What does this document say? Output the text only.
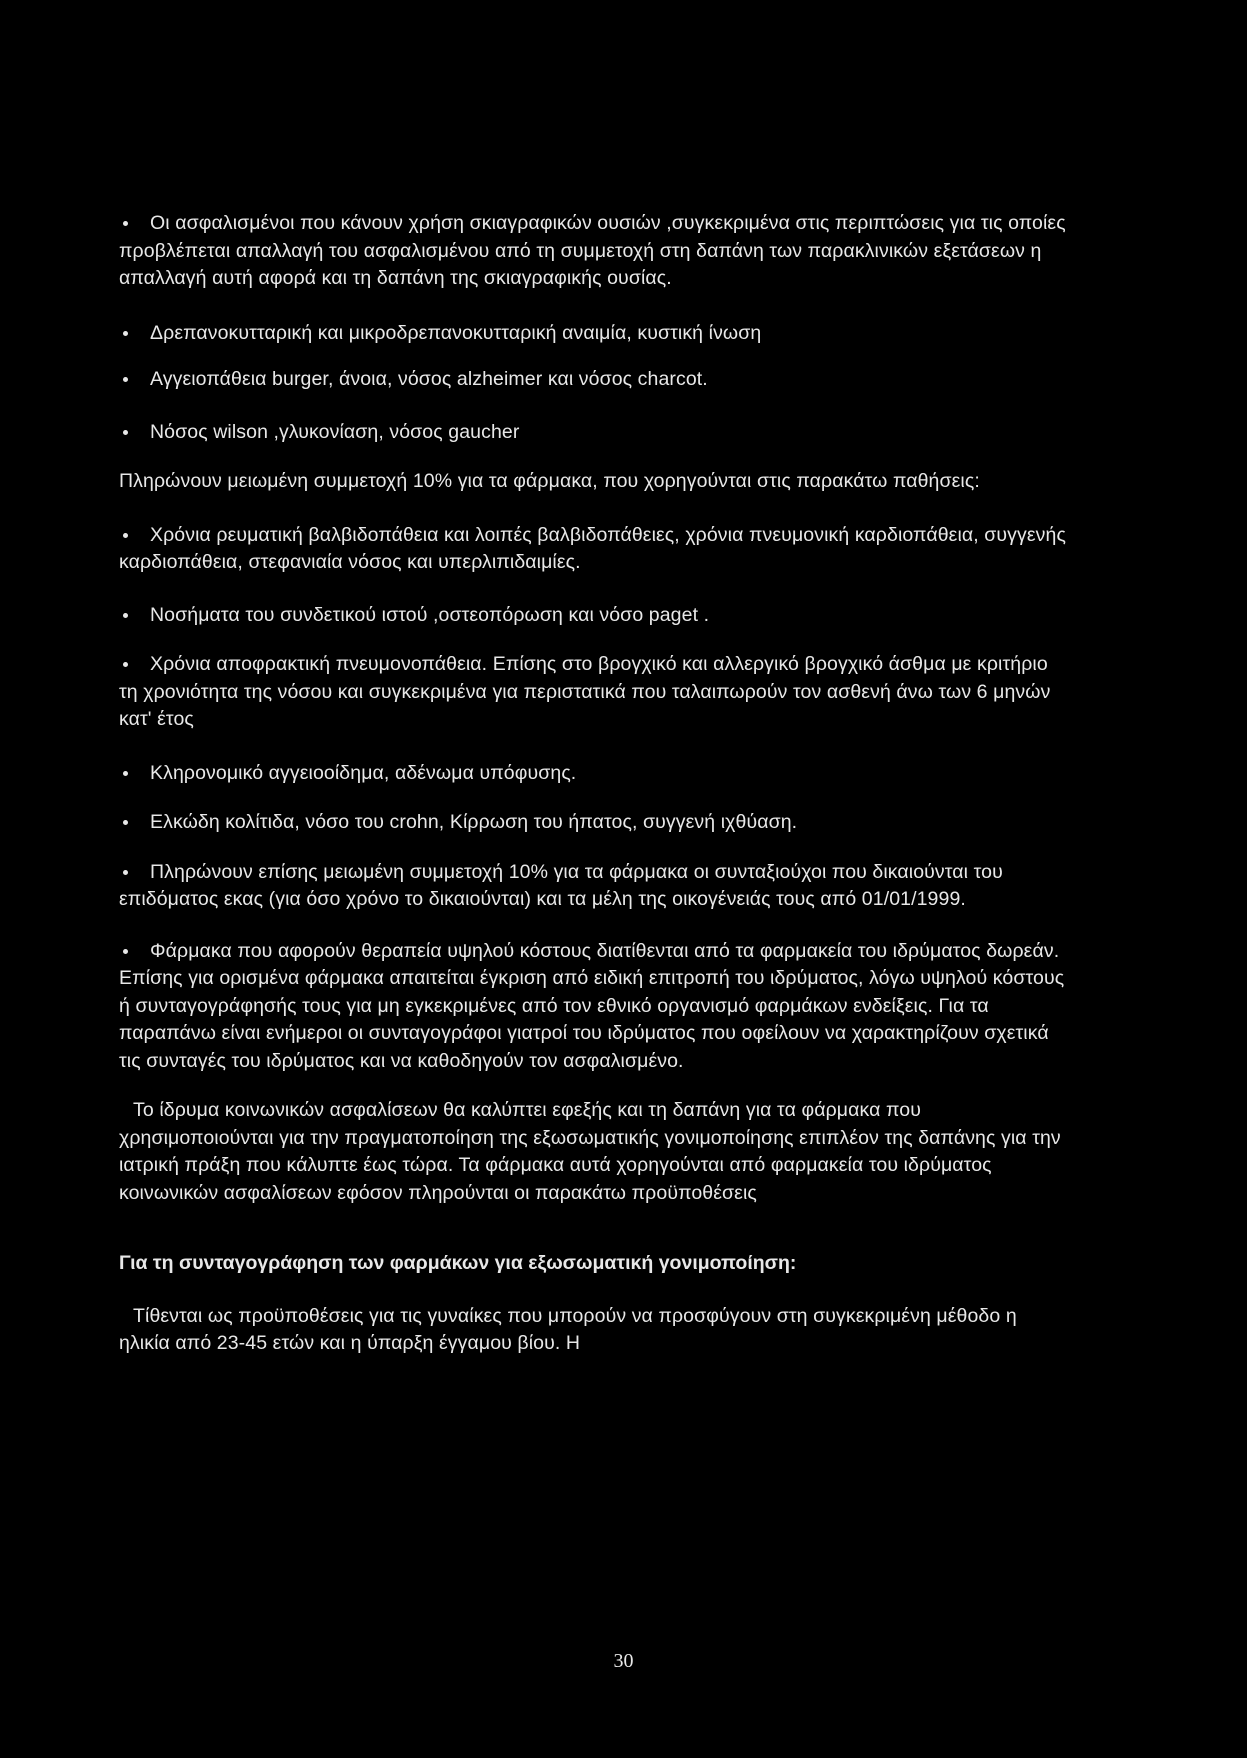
Οι ασφαλισμένοι που κάνουν χρήση σκιαγραφικών ουσιών ,συγκεκριμένα στις περιπτώσεις για τις οποίες προβλέπεται απαλλαγή του ασφαλισμένου από τη συμμετοχή στη δαπάνη των παρακλινικών εξετάσεων η απαλλαγή αυτή αφορά και τη δαπάνη της σκιαγραφικής ουσίας.

Δρεπανοκυτταρική και μικροδρεπανοκυτταρική αναιμία, κυστική ίνωση

Αγγειοπάθεια burger, άνοια, νόσος alzheimer και νόσος charcot.

Νόσος wilson ,γλυκονίαση, νόσος gaucher

Πληρώνουν μειωμένη συμμετοχή 10% για τα φάρμακα, που χορηγούνται στις παρακάτω παθήσεις:

Χρόνια ρευματική βαλβιδοπάθεια και λοιπές βαλβιδοπάθειες, χρόνια πνευμονική καρδιοπάθεια, συγγενής καρδιοπάθεια, στεφανιαία νόσος και υπερλιπιδαιμίες.

Νοσήματα του συνδετικού ιστού ,οστεοπόρωση και νόσο paget .

Χρόνια αποφρακτική πνευμονοπάθεια. Επίσης στο βρογχικό και αλλεργικό βρογχικό άσθμα με κριτήριο τη χρονιότητα της νόσου και συγκεκριμένα για περιστατικά που ταλαιπωρούν τον ασθενή άνω των 6 μηνών κατ' έτος

Κληρονομικό αγγειοοίδημα, αδένωμα υπόφυσης.

Ελκώδη κολίτιδα, νόσο του crohn, Κίρρωση του ήπατος, συγγενή ιχθύαση.

Πληρώνουν επίσης μειωμένη συμμετοχή 10% για τα φάρμακα οι συνταξιούχοι που δικαιούνται του επιδόματος εκας (για όσο χρόνο το δικαιούνται) και τα μέλη της οικογένειάς τους από 01/01/1999.

Φάρμακα που αφορούν θεραπεία υψηλού κόστους διατίθενται από τα φαρμακεία του ιδρύματος δωρεάν. Επίσης για ορισμένα φάρμακα απαιτείται έγκριση από ειδική επιτροπή του ιδρύματος, λόγω υψηλού κόστους ή συνταγογράφησής τους για μη εγκεκριμένες από τον εθνικό οργανισμό φαρμάκων ενδείξεις. Για τα παραπάνω είναι ενήμεροι οι συνταγογράφοι γιατροί του ιδρύματος που οφείλουν να χαρακτηρίζουν σχετικά τις συνταγές του ιδρύματος και να καθοδηγούν τον ασφαλισμένο.

Το ίδρυμα κοινωνικών ασφαλίσεων θα καλύπτει εφεξής και τη δαπάνη για τα φάρμακα που χρησιμοποιούνται για την πραγματοποίηση της εξωσωματικής γονιμοποίησης επιπλέον της δαπάνης για την ιατρική πράξη που κάλυπτε έως τώρα. Τα φάρμακα αυτά χορηγούνται από φαρμακεία του ιδρύματος κοινωνικών ασφαλίσεων εφόσον πληρούνται οι παρακάτω προϋποθέσεις

Για τη συνταγογράφηση των φαρμάκων για εξωσωματική γονιμοποίηση:

Τίθενται ως προϋποθέσεις για τις γυναίκες που μπορούν να προσφύγουν στη συγκεκριμένη μέθοδο η ηλικία από 23-45 ετών και η ύπαρξη έγγαμου βίου. Η

30
